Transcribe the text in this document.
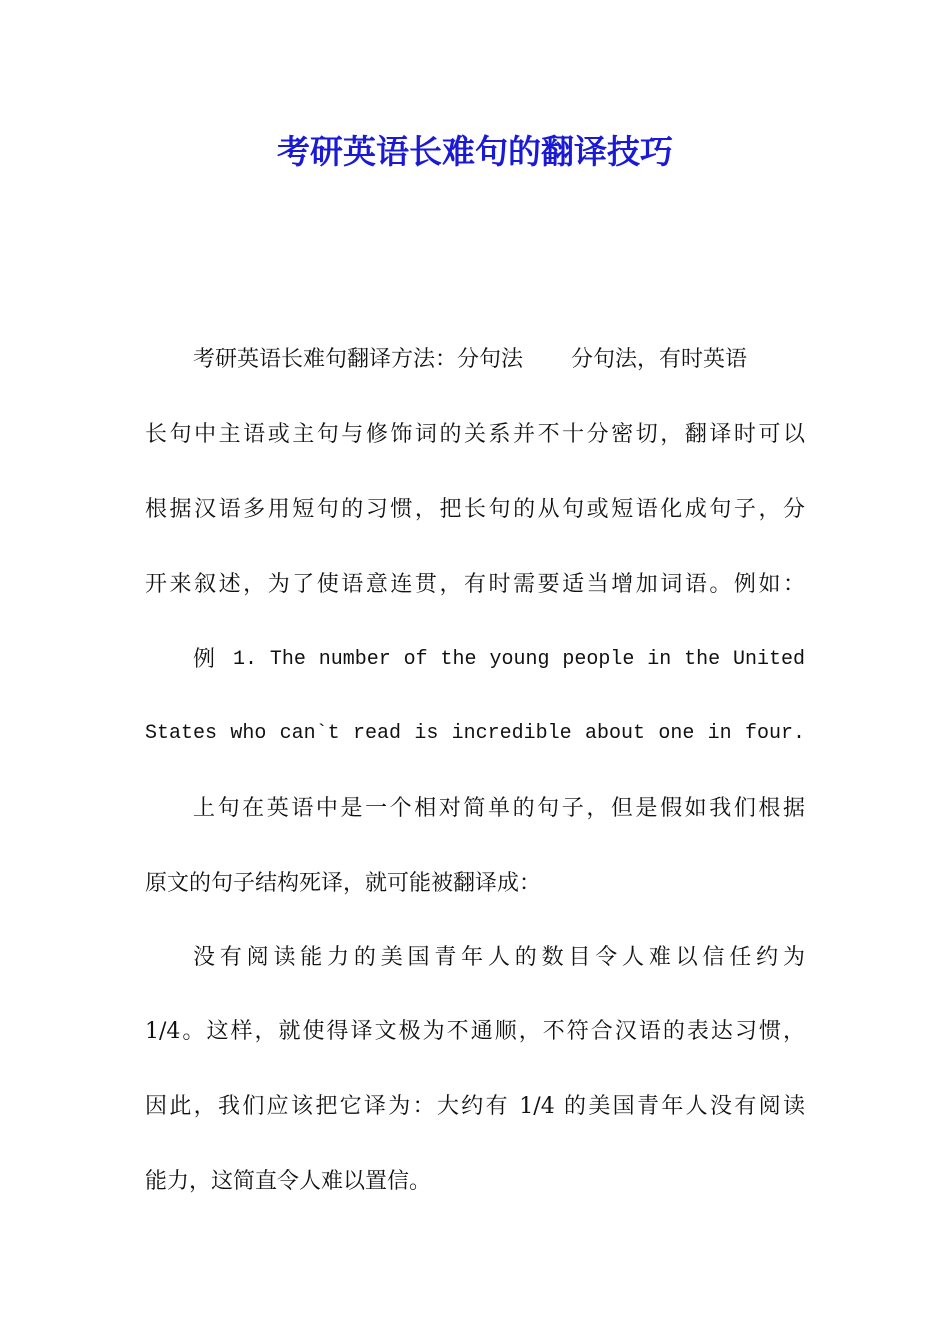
考研英语长难句的翻译技巧
考研英语长难句翻译方法：分句法 分句法，有时英语
长句中主语或主句与修饰词的关系并不十分密切，翻译时可以
根据汉语多用短句的习惯，把长句的从句或短语化成句子，分
开来叙述，为了使语意连贯，有时需要适当增加词语。例如：
例 1. The number of the young people in the United
States who can`t read is incredible about one in four.
上句在英语中是一个相对简单的句子，但是假如我们根据
原文的句子结构死译，就可能被翻译成：
没有阅读能力的美国青年人的数目令人难以信任约为
1/4。这样，就使得译文极为不通顺，不符合汉语的表达习惯，
因此，我们应该把它译为：大约有 1/4 的美国青年人没有阅读
能力，这简直令人难以置信。
